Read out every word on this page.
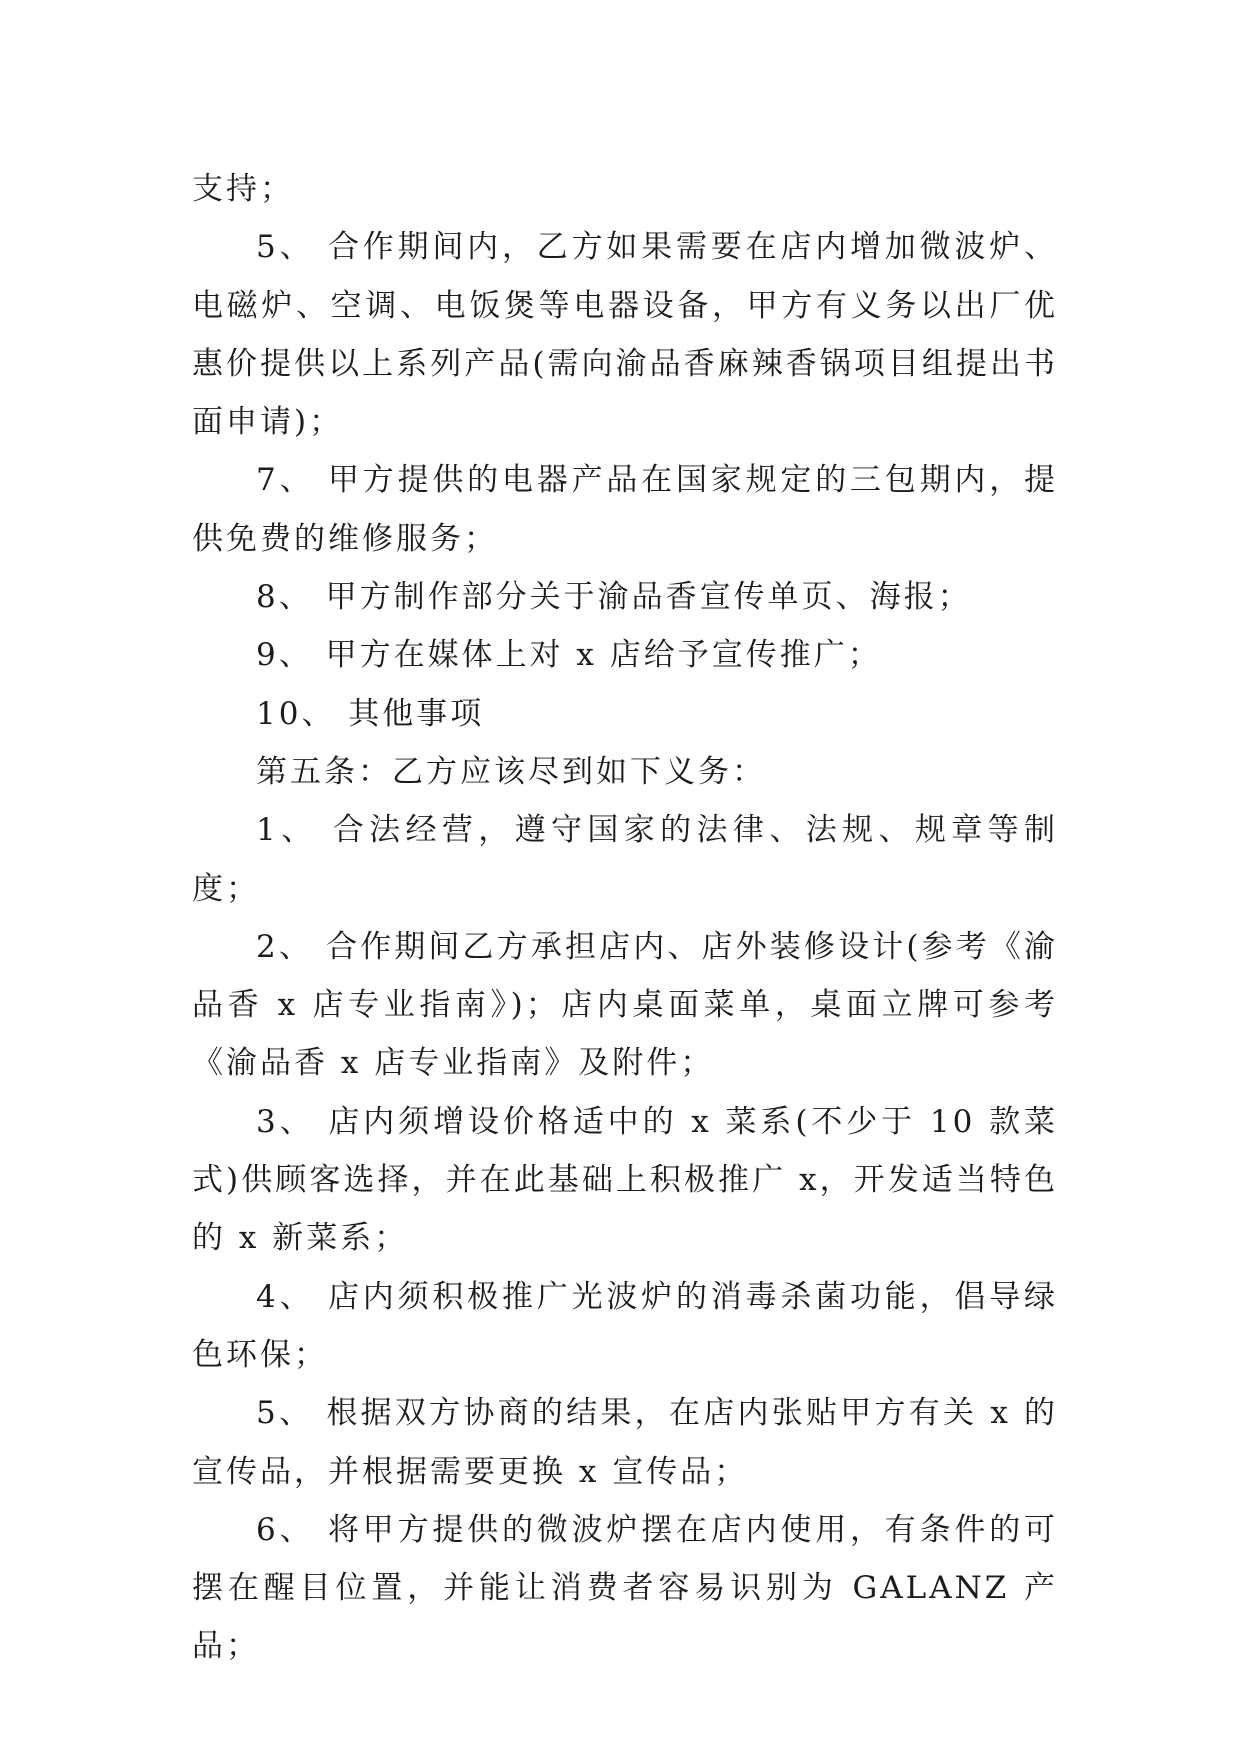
支持；

5、 合作期间内，乙方如果需要在店内增加微波炉、电磁炉、空调、电饭煲等电器设备，甲方有义务以出厂优惠价提供以上系列产品(需向渝品香麻辣香锅项目组提出书面申请)；

7、 甲方提供的电器产品在国家规定的三包期内，提供免费的维修服务；

8、 甲方制作部分关于渝品香宣传单页、海报；

9、 甲方在媒体上对 x 店给予宣传推广；

10、 其他事项

第五条：乙方应该尽到如下义务：

1、 合法经营，遵守国家的法律、法规、规章等制度；

2、 合作期间乙方承担店内、店外装修设计(参考《渝品香 x 店专业指南》)；店内桌面菜单，桌面立牌可参考《渝品香 x 店专业指南》及附件；

3、 店内须增设价格适中的 x 菜系(不少于 10 款菜式)供顾客选择，并在此基础上积极推广 x，开发适当特色的 x 新菜系；

4、 店内须积极推广光波炉的消毒杀菌功能，倡导绿色环保；

5、 根据双方协商的结果，在店内张贴甲方有关 x 的宣传品，并根据需要更换 x 宣传品；

6、 将甲方提供的微波炉摆在店内使用，有条件的可摆在醒目位置，并能让消费者容易识别为 GALANZ 产品；
